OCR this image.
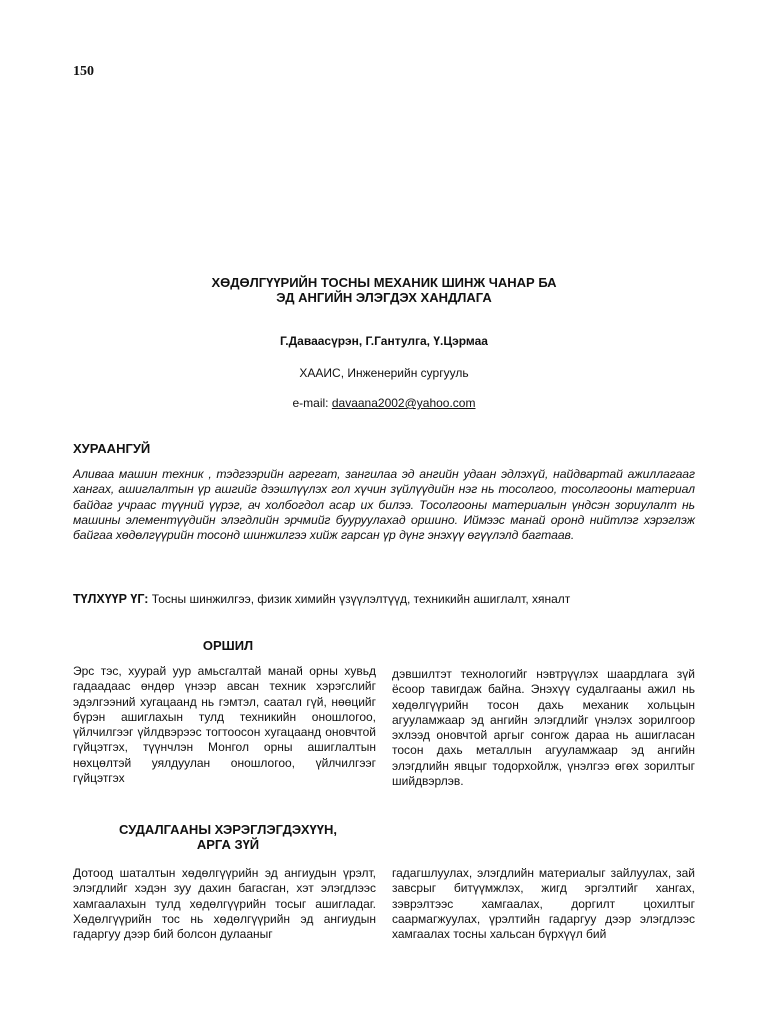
150
ХӨДӨЛГҮҮРИЙН ТОСНЫ МЕХАНИК ШИНЖ ЧАНАР БА
ЭД АНГИЙН ЭЛЭГДЭХ ХАНДЛАГА
Г.Даваасүрэн, Г.Гантулга, Ү.Цэрмаа
ХААИС, Инженерийн сургууль
e-mail: davaana2002@yahoo.com
ХУРААНГУЙ
Аливаа машин техник , тэдгээрийн агрегат, зангилаа эд ангийн удаан эдлэхүй, найдвартай ажиллагааг хангах, ашиглалтын үр ашгийг дээшлүүлэх гол хүчин зүйлүүдийн нэг нь тосолгоо, тосолгооны материал байдаг учраас түүний үүрэг, ач холбогдол асар их билээ. Тосолгооны материалын үндсэн зориулалт нь машины элементүүдийн элэгдлийн эрчмийг бууруулахад оршино. Иймээс манай оронд нийтлэг хэрэглэж байгаа хөдөлгүүрийн тосонд шинжилгээ хийж гарсан үр дүнг энэхүү өгүүлэлд багтаав.
ТҮЛХҮҮР ҮГ: Тосны шинжилгээ, физик химийн үзүүлэлтүүд, техникийн ашиглалт, хяналт
ОРШИЛ
Эрс тэс, хуурай уур амьсгалтай манай орны хувьд гадаадаас өндөр үнээр авсан техник хэрэгслийг эдэлгээний хугацаанд нь гэмтэл, саатал гүй, нөөцийг бүрэн ашиглахын тулд техникийн оношлогоо, үйлчилгээг үйлдвэрээс тогтоосон хугацаанд оновчтой гүйцэтгэх, түүнчлэн Монгол орны ашиглалтын нөхцөлтэй уялдуулан оношлогоо, үйлчилгээг гүйцэтгэх
дэвшилтэт технологийг нэвтрүүлэх шаардлага зүй ёсоор тавигдаж байна. Энэхүү судалгааны ажил нь хөдөлгүүрийн тосон дахь механик хольцын агууламжаар эд ангийн элэгдлийг үнэлэх зорилгоор эхлээд оновчтой аргыг сонгож дараа нь ашигласан тосон дахь металлын агууламжаар эд ангийн элэгдлийн явцыг тодорхойлж, үнэлгээ өгөх зорилтыг шийдвэрлэв.
СУДАЛГААНЫ ХЭРЭГЛЭГДЭХҮҮН,
АРГА ЗҮЙ
Дотоод шаталтын хөдөлгүүрийн эд ангиудын үрэлт, элэгдлийг хэдэн зуу дахин багасган, хэт элэгдлээс хамгаалахын тулд хөдөлгүүрийн тосыг ашигладаг. Хөдөлгүүрийн тос нь хөдөлгүүрийн эд ангиудын гадаргуу дээр бий болсон дулааныг
гадагшлуулах, элэгдлийн материалыг зайлуулах, зай завсрыг битүүмжлэх, жигд эргэлтийг хангах, зэврэлтээс хамгаалах, доргилт цохилтыг саармагжуулах, үрэлтийн гадаргуу дээр элэгдлээс хамгаалах тосны хальсан бүрхүүл бий
